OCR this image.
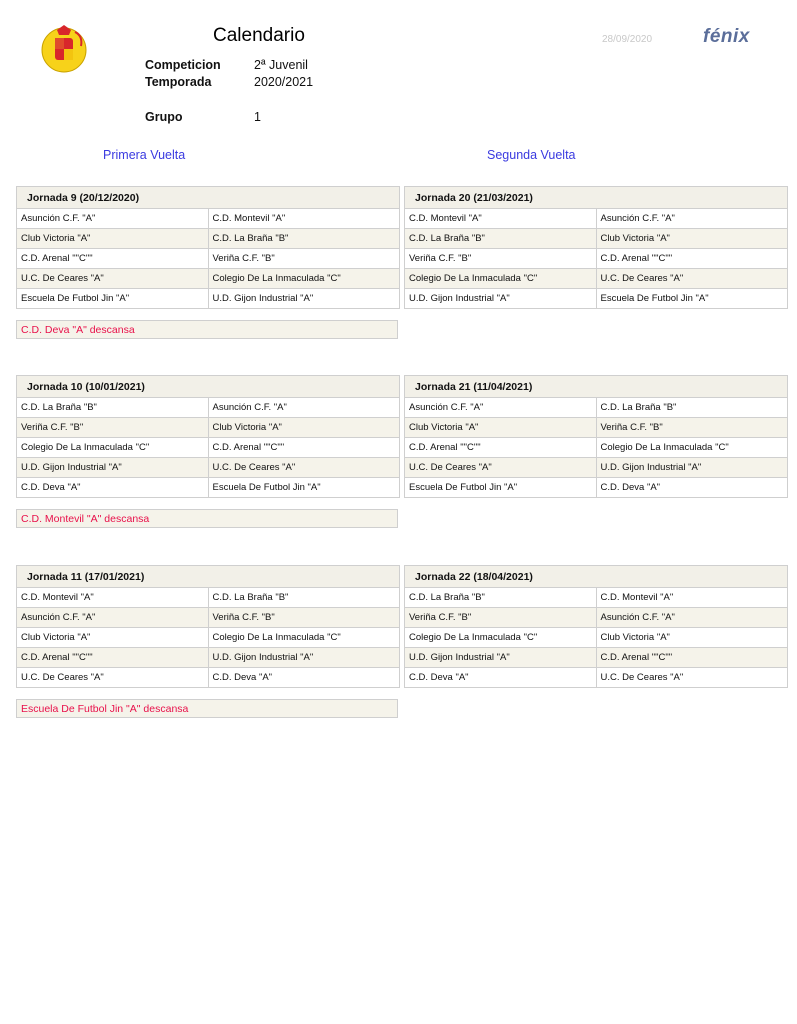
Calendario	28/09/2020	fénix
Competicion	2ª Juvenil
Temporada	2020/2021
Grupo	1
Primera Vuelta	Segunda Vuelta
Jornada 9 (20/12/2020)	
Asunción C.F. "A"	C.D. Montevil "A"
Club Victoria "A"	C.D. La Braña "B"
C.D. Arenal ""C""	Veriña C.F. "B"
U.C. De Ceares "A"	Colegio De La Inmaculada "C"
Escuela De Futbol Jin "A"	U.D. Gijon Industrial "A"
Jornada 20 (21/03/2021)	
C.D. Montevil "A"	Asunción C.F. "A"
C.D. La Braña "B"	Club Victoria "A"
Veriña C.F. "B"	C.D. Arenal ""C""
Colegio De La Inmaculada "C"	U.C. De Ceares "A"
U.D. Gijon Industrial "A"	Escuela De Futbol Jin "A"
C.D. Deva "A" descansa
Jornada 10 (10/01/2021)	
C.D. La Braña "B"	Asunción C.F. "A"
Veriña C.F. "B"	Club Victoria "A"
Colegio De La Inmaculada "C"	C.D. Arenal ""C""
U.D. Gijon Industrial "A"	U.C. De Ceares "A"
C.D. Deva "A"	Escuela De Futbol Jin "A"
Jornada 21 (11/04/2021)	
Asunción C.F. "A"	C.D. La Braña "B"
Club Victoria "A"	Veriña C.F. "B"
C.D. Arenal ""C""	Colegio De La Inmaculada "C"
U.C. De Ceares "A"	U.D. Gijon Industrial "A"
Escuela De Futbol Jin "A"	C.D. Deva "A"
C.D. Montevil "A" descansa
Jornada 11 (17/01/2021)	
C.D. Montevil "A"	C.D. La Braña "B"
Asunción C.F. "A"	Veriña C.F. "B"
Club Victoria "A"	Colegio De La Inmaculada "C"
C.D. Arenal ""C""	U.D. Gijon Industrial "A"
U.C. De Ceares "A"	C.D. Deva "A"
Jornada 22 (18/04/2021)	
C.D. La Braña "B"	C.D. Montevil "A"
Veriña C.F. "B"	Asunción C.F. "A"
Colegio De La Inmaculada "C"	Club Victoria "A"
U.D. Gijon Industrial "A"	C.D. Arenal ""C""
C.D. Deva "A"	U.C. De Ceares "A"
Escuela De Futbol Jin "A" descansa
